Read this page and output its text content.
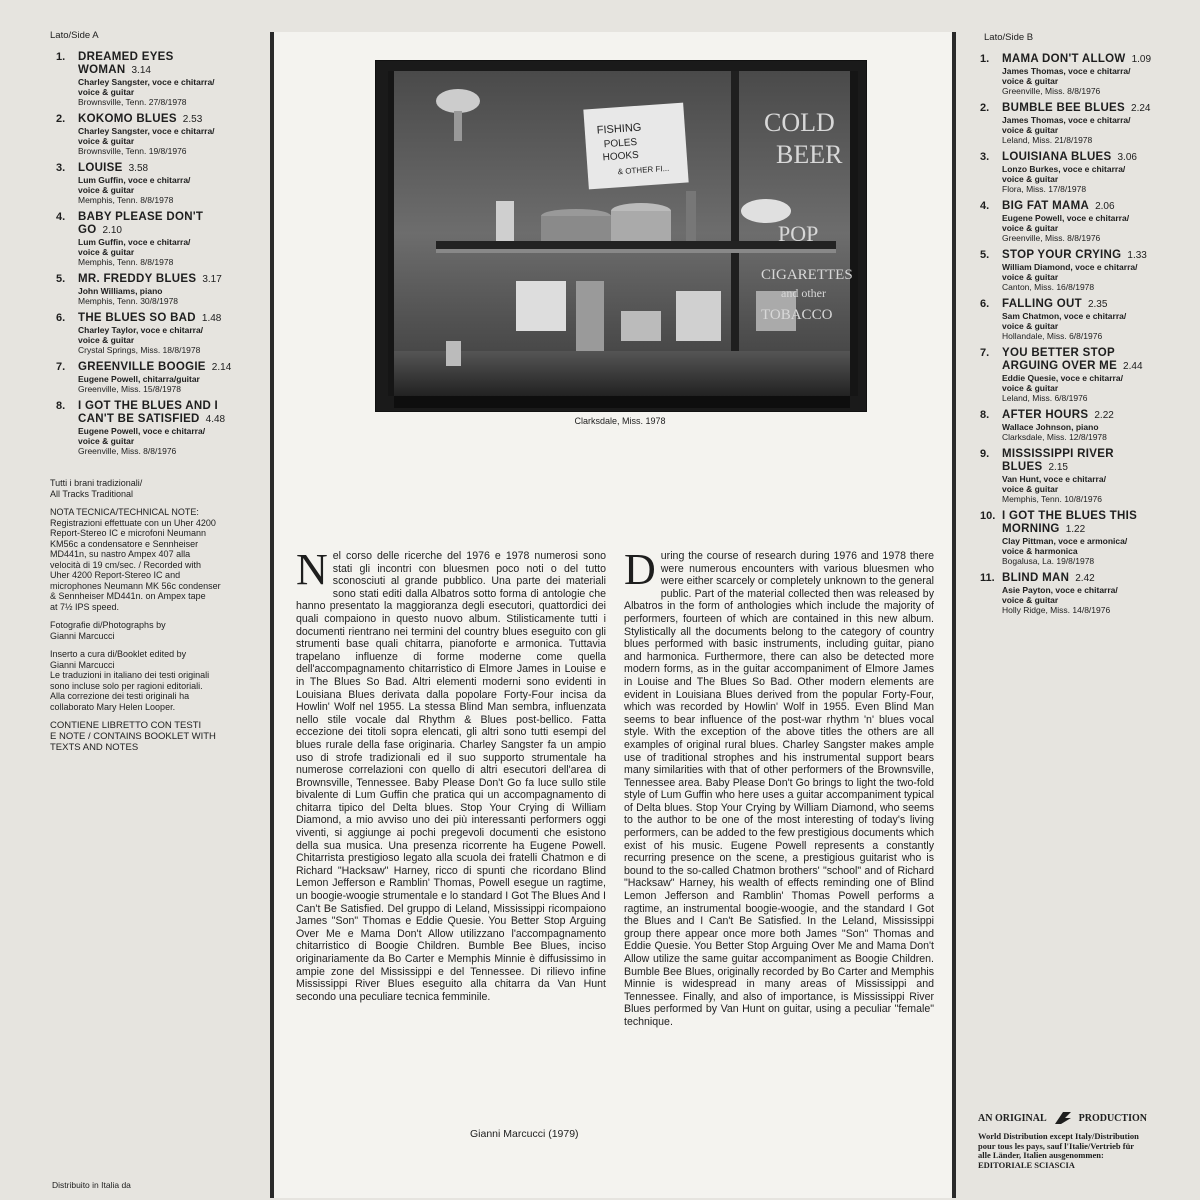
Lato/Side A
1.	DREAMED EYES
WOMAN 3.14
Charley Sangster, voce e chitarra/
voice & guitar
Brownsville, Tenn. 27/8/1978
2.	KOKOMO BLUES 2.53
Charley Sangster, voce e chitarra/
voice & guitar
Brownsville, Tenn. 19/8/1976
3.	LOUISE 3.58
Lum Guffin, voce e chitarra/
voice & guitar
Memphis, Tenn. 8/8/1978
4.	BABY PLEASE DON'T
GO 2.10
Lum Guffin, voce e chitarra/
voice & guitar
Memphis, Tenn. 8/8/1978
5.	MR. FREDDY BLUES 3.17
John Williams, piano
Memphis, Tenn. 30/8/1978
6.	THE BLUES SO BAD 1.48
Charley Taylor, voce e chitarra/
voice & guitar
Crystal Springs, Miss. 18/8/1978
7.	GREENVILLE BOOGIE 2.14
Eugene Powell, chitarra/guitar
Greenville, Miss. 15/8/1978
8.	I GOT THE BLUES AND I
CAN'T BE SATISFIED 4.48
Eugene Powell, voce e chitarra/
voice & guitar
Greenville, Miss. 8/8/1976

Tutti i brani tradizionali/
All Tracks Traditional

NOTA TECNICA/TECHNICAL NOTE:
Registrazioni effettuate con un Uher 4200
Report-Stereo IC e microfoni Neumann
KM56c a condensatore e Sennheiser
MD441n, su nastro Ampex 407 alla
velocità di 19 cm/sec. / Recorded with
Uher 4200 Report-Stereo IC and
microphones Neumann MK 56c condenser
& Sennheiser MD441n. on Ampex tape
at 7½ IPS speed.

Fotografie di/Photographs by
Gianni Marcucci

Inserto a cura di/Booklet edited by
Gianni Marcucci
Le traduzioni in italiano dei testi originali
sono incluse solo per ragioni editoriali.
Alla correzione dei testi originali ha
collaborato Mary Helen Looper.

CONTIENE LIBRETTO CON TESTI
E NOTE / CONTAINS BOOKLET WITH
TEXTS AND NOTES

FISHING
POLES
HOOKS
& OTHER FI...
COLD
BEER
POP
CIGARETTES
and other
TOBACCO
Clarksdale, Miss. 1978
Nel corso delle ricerche del 1976 e 1978 numerosi sono stati gli incontri con bluesmen poco noti o del tutto sconosciuti al grande pubblico. Una parte dei materiali sono stati editi dalla Albatros sotto forma di antologie che hanno presentato la maggioranza degli esecutori, quattordici dei quali compaiono in questo nuovo album. Stilisticamente tutti i documenti rientrano nei termini del country blues eseguito con gli strumenti base quali chitarra, pianoforte e armonica. Tuttavia trapelano influenze di forme moderne come quella dell'accompagnamento chitarristico di Elmore James in Louise e in The Blues So Bad. Altri elementi moderni sono evidenti in Louisiana Blues derivata dalla popolare Forty-Four incisa da Howlin' Wolf nel 1955. La stessa Blind Man sembra, influenzata nello stile vocale dal Rhythm & Blues post-bellico. Fatta eccezione dei titoli sopra elencati, gli altri sono tutti esempi del blues rurale della fase originaria. Charley Sangster fa un ampio uso di strofe tradizionali ed il suo supporto strumentale ha numerose correlazioni con quello di altri esecutori dell'area di Brownsville, Tennessee. Baby Please Don't Go fa luce sullo stile bivalente di Lum Guffin che pratica qui un accompagnamento di chitarra tipico del Delta blues. Stop Your Crying di William Diamond, a mio avviso uno dei più interessanti performers oggi viventi, si aggiunge ai pochi pregevoli documenti che esistono della sua musica. Una presenza ricorrente ha Eugene Powell. Chitarrista prestigioso legato alla scuola dei fratelli Chatmon e di Richard "Hacksaw" Harney, ricco di spunti che ricordano Blind Lemon Jefferson e Ramblin' Thomas, Powell esegue un ragtime, un boogie-woogie strumentale e lo standard I Got The Blues And I Can't Be Satisfied. Del gruppo di Leland, Mississippi ricompaiono James "Son" Thomas e Eddie Quesie. You Better Stop Arguing Over Me e Mama Don't Allow utilizzano l'accompagnamento chitarristico di Boogie Children. Bumble Bee Blues, inciso originariamente da Bo Carter e Memphis Minnie è diffusissimo in ampie zone del Mississippi e del Tennessee. Di rilievo infine Mississippi River Blues eseguito alla chitarra da Van Hunt secondo una peculiare tecnica femminile.
During the course of research during 1976 and 1978 there were numerous encounters with various bluesmen who were either scarcely or completely unknown to the general public. Part of the material collected then was released by Albatros in the form of anthologies which include the majority of performers, fourteen of which are contained in this new album. Stylistically all the documents belong to the category of country blues performed with basic instruments, including guitar, piano and harmonica. Furthermore, there can also be detected more modern forms, as in the guitar accompaniment of Elmore James in Louise and The Blues So Bad. Other modern elements are evident in Louisiana Blues derived from the popular Forty-Four, which was recorded by Howlin' Wolf in 1955. Even Blind Man seems to bear influence of the post-war rhythm 'n' blues vocal style. With the exception of the above titles the others are all examples of original rural blues. Charley Sangster makes ample use of traditional strophes and his instrumental support bears many similarities with that of other performers of the Brownsville, Tennessee area. Baby Please Don't Go brings to light the two-fold style of Lum Guffin who here uses a guitar accompaniment typical of Delta blues. Stop Your Crying by William Diamond, who seems to the author to be one of the most interesting of today's living performers, can be added to the few prestigious documents which exist of his music. Eugene Powell represents a constantly recurring presence on the scene, a prestigious guitarist who is bound to the so-called Chatmon brothers' "school" and of Richard "Hacksaw" Harney, his wealth of effects reminding one of Blind Lemon Jefferson and Ramblin' Thomas Powell performs a ragtime, an instrumental boogie-woogie, and the standard I Got the Blues and I Can't Be Satisfied. In the Leland, Mississippi group there appear once more both James "Son" Thomas and Eddie Quesie. You Better Stop Arguing Over Me and Mama Don't Allow utilize the same guitar accompaniment as Boogie Children. Bumble Bee Blues, originally recorded by Bo Carter and Memphis Minnie is widespread in many areas of Mississippi and Tennessee. Finally, and also of importance, is Mississippi River Blues performed by Van Hunt on guitar, using a peculiar "female" technique.
Gianni Marcucci (1979)
Lato/Side B
1.	MAMA DON'T ALLOW 1.09
James Thomas, voce e chitarra/
voice & guitar
Greenville, Miss. 8/8/1976
2.	BUMBLE BEE BLUES 2.24
James Thomas, voce e chitarra/
voice & guitar
Leland, Miss. 21/8/1978
3.	LOUISIANA BLUES 3.06
Lonzo Burkes, voce e chitarra/
voice & guitar
Flora, Miss. 17/8/1978
4.	BIG FAT MAMA 2.06
Eugene Powell, voce e chitarra/
voice & guitar
Greenville, Miss. 8/8/1976
5.	STOP YOUR CRYING 1.33
William Diamond, voce e chitarra/
voice & guitar
Canton, Miss. 16/8/1978
6.	FALLING OUT 2.35
Sam Chatmon, voce e chitarra/
voice & guitar
Hollandale, Miss. 6/8/1976
7.	YOU BETTER STOP
ARGUING OVER ME 2.44
Eddie Quesie, voce e chitarra/
voice & guitar
Leland, Miss. 6/8/1976
8.	AFTER HOURS 2.22
Wallace Johnson, piano
Clarksdale, Miss. 12/8/1978
9.	MISSISSIPPI RIVER
BLUES 2.15
Van Hunt, voce e chitarra/
voice & guitar
Memphis, Tenn. 10/8/1976
10. I GOT THE BLUES THIS
MORNING 1.22
Clay Pittman, voce e armonica/
voice & harmonica
Bogalusa, La. 19/8/1978
11. BLIND MAN 2.42
Asie Payton, voce e chitarra/
voice & guitar
Holly Ridge, Miss. 14/8/1976
AN ORIGINAL	PRODUCTION
World Distribution except Italy/Distribution
pour tous les pays, sauf l'Italie/Vertrieb für
alle Länder, Italien ausgenommen:
EDITORIALE SCIASCIA
Distribuito in Italia da
